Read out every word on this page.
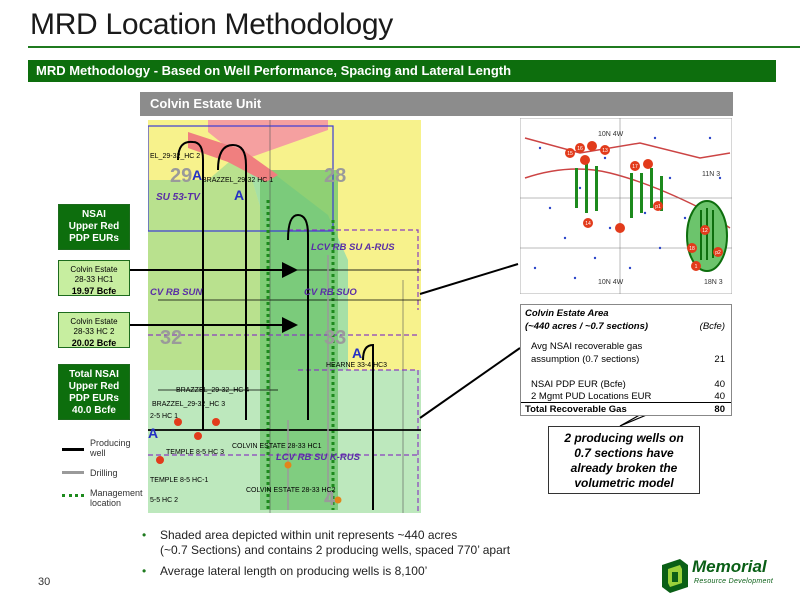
MRD Location Methodology
MRD Methodology - Based on Well Performance, Spacing and Lateral Length
Colvin Estate Unit
29	28
32	33
4
SU 53-TV
LCV RB SU A-RUS
CV RB SUN	CV RB SUO
LCV RB SU K-RUS
EL_29-32_HC 2
BRAZZEL_29-32 HC 1
HEARNE 33-4 HC3
BRAZZEL_29-32_HC 4
BRAZZEL_29-32_HC 3
2-5 HC 1
TEMPLE 8-5 HC 3
COLVIN ESTATE 28-33 HC1
TEMPLE 8-5 HC-1
COLVIN ESTATE 28-33 HC2
5-5 HC 2
A
A
A
A
NSAI
Upper Red
PDP EURs
Colvin Estate
28-33 HC1
19.97 Bcfe
Colvin Estate
28-33 HC 2
20.02 Bcfe
Total NSAI
Upper Red
PDP EURs
40.0 Bcfe
Producing
well
Drilling
Management
location
15
16	13
17
14
12
1
18
p1
p2
10N 4W
11N 3
10N 4W	18N 3
Colvin Estate Area
(~440 acres / ~0.7 sections)	(Bcfe)
Avg NSAI recoverable gas
assumption (0.7 sections)	21
NSAI PDP EUR (Bcfe)	40
2 Mgmt PUD Locations EUR	40
Total Recoverable Gas	80
2 producing wells on
0.7 sections have
already broken the
volumetric model
• Shaded area depicted within unit represents ~440 acres
(~0.7 Sections) and contains 2 producing wells, spaced 770’ apart
• Average lateral length on producing wells is 8,100’
30
Memorial
Resource Development
